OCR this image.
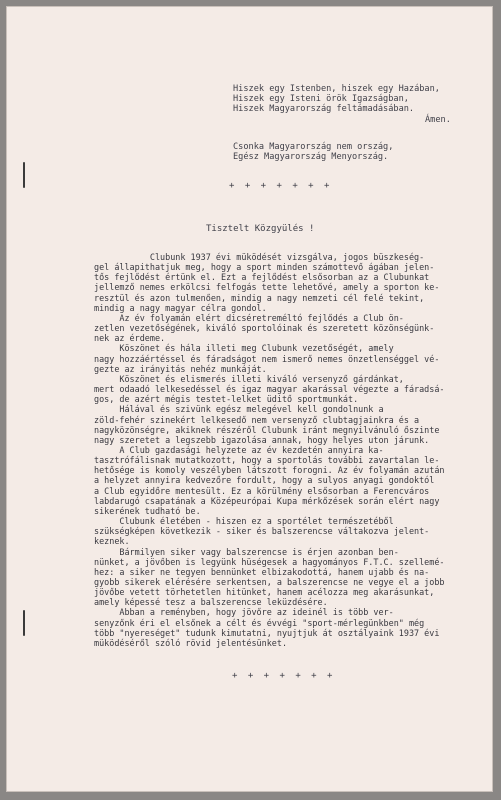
Hiszek egy Istenben, hiszek egy Hazában,
Hiszek egy Isteni örök Igazságban,
Hiszek Magyarország feltámadásában.
Ámen.
Csonka Magyarország nem ország,
Egész Magyarország Menyország.
+ + + + + + +
Tisztelt Közgyülés !
Clubunk 1937 évi müködését vizsgálva, jogos büszkeség-
gel állapithatjuk meg, hogy a sport minden számottevő ágában jelen-
tős fejlődést értünk el. Ezt a fejlődést elsősorban az a Clubunkat
jellemző nemes erkölcsi felfogás tette lehetővé, amely a sporton ke-
resztül és azon tulmenően, mindig a nagy nemzeti cél felé tekint,
mindig a nagy magyar célra gondol.
Az év folyamán elért dicséretreméltó fejlődés a Club ön-
zetlen vezetőségének, kiváló sportolóinak és szeretett közönségünk-
nek az érdeme.
Köszönet és hála illeti meg Clubunk vezetőségét, amely
nagy hozzáértéssel és fáradságot nem ismerő nemes önzetlenséggel vé-
gezte az irányitás nehéz munkáját.
Köszönet és elismerés illeti kiváló versenyző gárdánkat,
mert odaadó lelkesedéssel és igaz magyar akarással végezte a fáradsá-
gos, de azért mégis testet-lelket üditő sportmunkát.
Hálával és szivünk egész melegével kell gondolnunk a
zöld-fehér szinekért lelkesedő nem versenyző clubtagjainkra és a
nagyközönségre, akiknek részéről Clubunk iránt megnyilvánuló őszinte
nagy szeretet a legszebb igazolása annak, hogy helyes uton járunk.
A Club gazdasági helyzete az év kezdetén annyira ka-
tasztrófálisnak mutatkozott, hogy a sportolás további zavartalan le-
hetősége is komoly veszélyben látszott forogni. Az év folyamán azután
a helyzet annyira kedvezőre fordult, hogy a sulyos anyagi gondoktól
a Club egyidőre mentesült. Ez a körülmény elsősorban a Ferencváros
labdarugó csapatának a Középeurópai Kupa mérkőzések során elért nagy
sikerének tudható be.
Clubunk életében - hiszen ez a sportélet természetéből
szükségképen következik - siker és balszerencse váltakozva jelent-
keznek.
Bármilyen siker vagy balszerencse is érjen azonban ben-
nünket, a jövőben is legyünk hüségesek a hagyományos F.T.C. szellemé-
hez: a siker ne tegyen bennünket elbizakodottá, hanem ujabb és na-
gyobb sikerek elérésére serkentsen, a balszerencse ne vegye el a jobb
jövőbe vetett törhetetlen hitünket, hanem acélozza meg akarásunkat,
amely képessé tesz a balszerencse leküzdésére.
Abban a reményben, hogy jövőre az ideinél is több ver-
senyzőnk éri el elsőnek a célt és évvégi "sport-mérlegünkben" még
több "nyereséget" tudunk kimutatni, nyujtjuk át osztályaink 1937 évi
müködéséről szóló rövid jelentésünket.
+ + + + + + +
